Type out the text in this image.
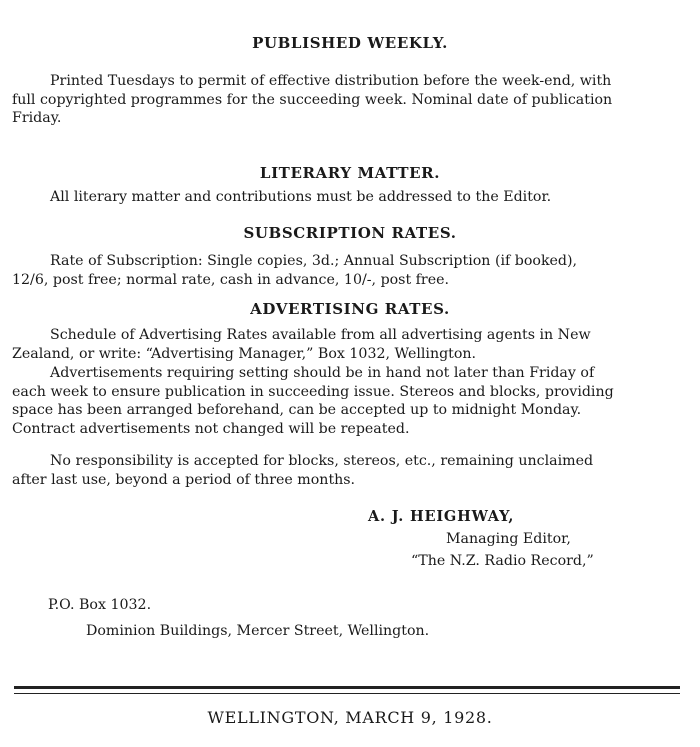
PUBLISHED WEEKLY.
Printed Tuesdays to permit of effective distribution before the week-end, with
full copyrighted programmes for the succeeding week. Nominal date of publication
Friday.
LITERARY MATTER.
All literary matter and contributions must be addressed to the Editor.
SUBSCRIPTION RATES.
Rate of Subscription: Single copies, 3d.; Annual Subscription (if booked),
12/6, post free; normal rate, cash in advance, 10/-, post free.
ADVERTISING RATES.
Schedule of Advertising Rates available from all advertising agents in New
Zealand, or write: “Advertising Manager,” Box 1032, Wellington.
Advertisements requiring setting should be in hand not later than Friday of
each week to ensure publication in succeeding issue. Stereos and blocks, providing
space has been arranged beforehand, can be accepted up to midnight Monday.
Contract advertisements not changed will be repeated.
No responsibility is accepted for blocks, stereos, etc., remaining unclaimed
after last use, beyond a period of three months.
A. J. HEIGHWAY,
Managing Editor,
“The N.Z. Radio Record,”
P.O. Box 1032.
Dominion Buildings, Mercer Street, Wellington.
WELLINGTON, MARCH 9, 1928.
